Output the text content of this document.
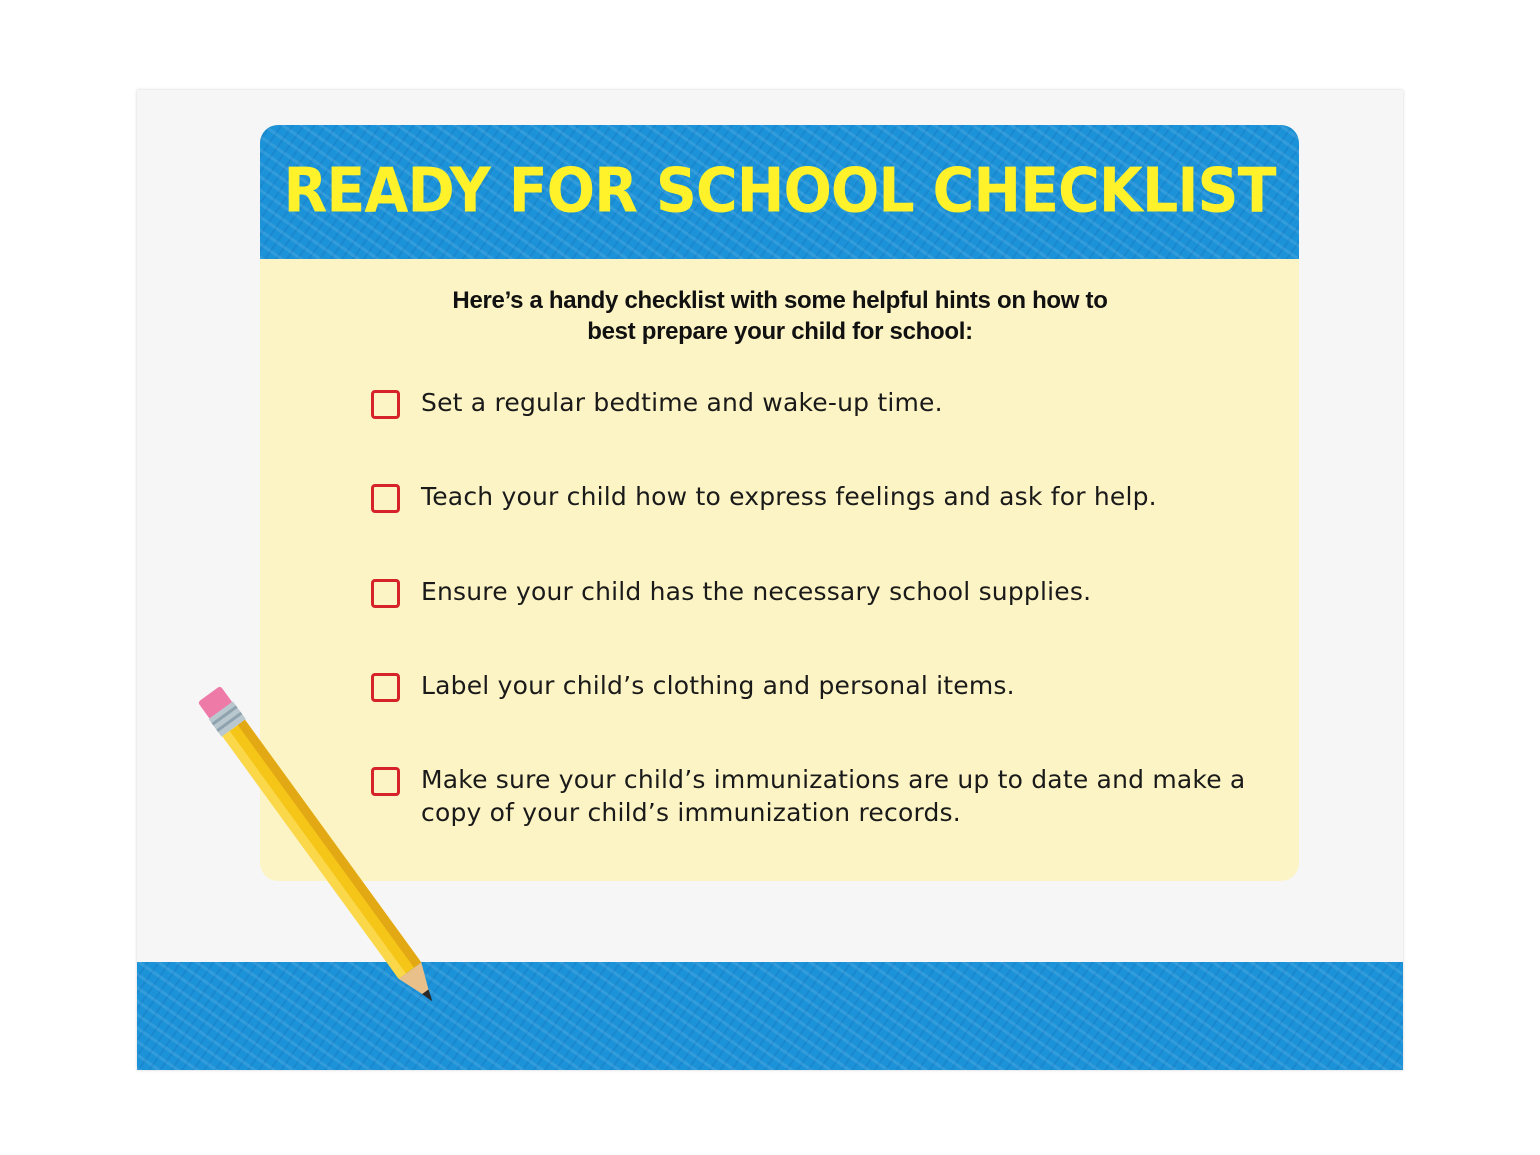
READY FOR SCHOOL CHECKLIST
Here’s a handy checklist with some helpful hints on how to
best prepare your child for school:
Set a regular bedtime and wake-up time.
Teach your child how to express feelings and ask for help.
Ensure your child has the necessary school supplies.
Label your child’s clothing and personal items.
Make sure your child’s immunizations are up to date and make a copy of your child’s immunization records.
